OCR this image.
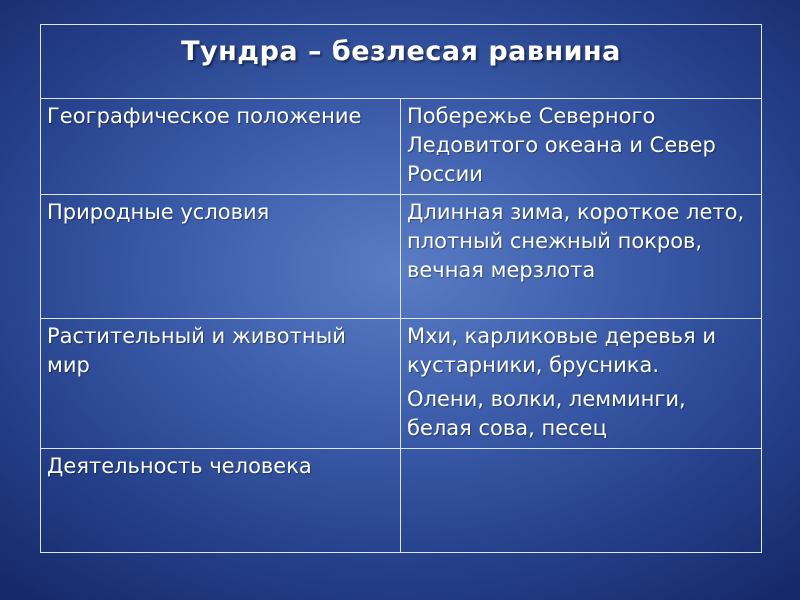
Тундра – безлесая равнина	
Географическое положение	Побережье Северного Ледовитого океана и Север России

Природные условия	Длинная зима, короткое лето, плотный снежный покров, вечная мерзлота

Растительный и животный мир	Мхи, карликовые деревья и кустарники, брусника.
Олени, волки, лемминги, белая сова, песец

Деятельность человека	
